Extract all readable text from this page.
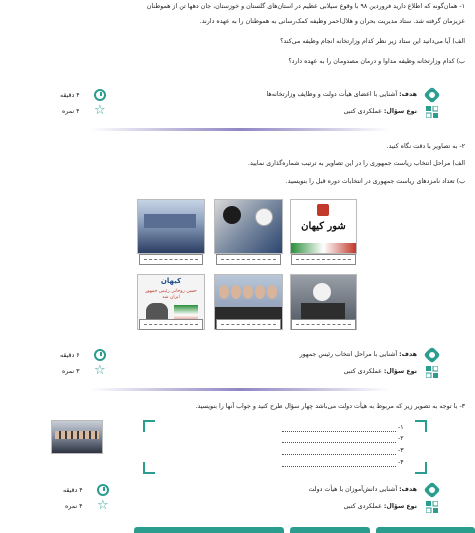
۱- همان‌گونه که اطلاع دارید فروردین ۹۸ با وقوع سیلابی عظیم در استان‌های گلستان و خوزستان، جان دهها تن از هموطنان
عزیزمان گرفته شد. ستاد مدیریت بحران و هلال‌احمر وظیفه کمک‌رسانی به هموطنان را به عهده دارند.
الف) آیا می‌دانید این ستاد زیر نظر کدام وزارتخانه انجام وظیفه می‌کند؟
ب) کدام وزارتخانه وظیفه مداوا و درمان مصدومان را به عهده دارد؟
هدف: آشنایی با اعضای هیأت دولت و وظایف وزارتخانه‌ها
نوع سؤال: عملکردی کتبی
۴ دقیقه
☆
۴ نمره
۲- به تصاویر با دقت نگاه کنید.
الف) مراحل انتخاب ریاست جمهوری را در این تصاویر به ترتیب شماره‌گذاری نمایید.
ب) تعداد نامزدهای ریاست جمهوری در انتخابات دوره قبل را بنویسید.
شور کیهان
کیهان
حسن روحانی رئیس جمهور ایران شد
هدف: آشنایی با مراحل انتخاب رئیس جمهور
نوع سؤال: عملکردی کتبی
۶ دقیقه
☆
۳ نمره
۳- با توجه به تصویر زیر که مربوط به هیأت دولت می‌باشد چهار سؤال طرح کنید و جواب آنها را بنویسید.
-۱
-۲
-۳
-۴
هدف: آشنایی دانش‌آموزان با هیأت دولت
نوع سؤال: عملکردی کتبی
۴ دقیقه
☆
۴ نمره
